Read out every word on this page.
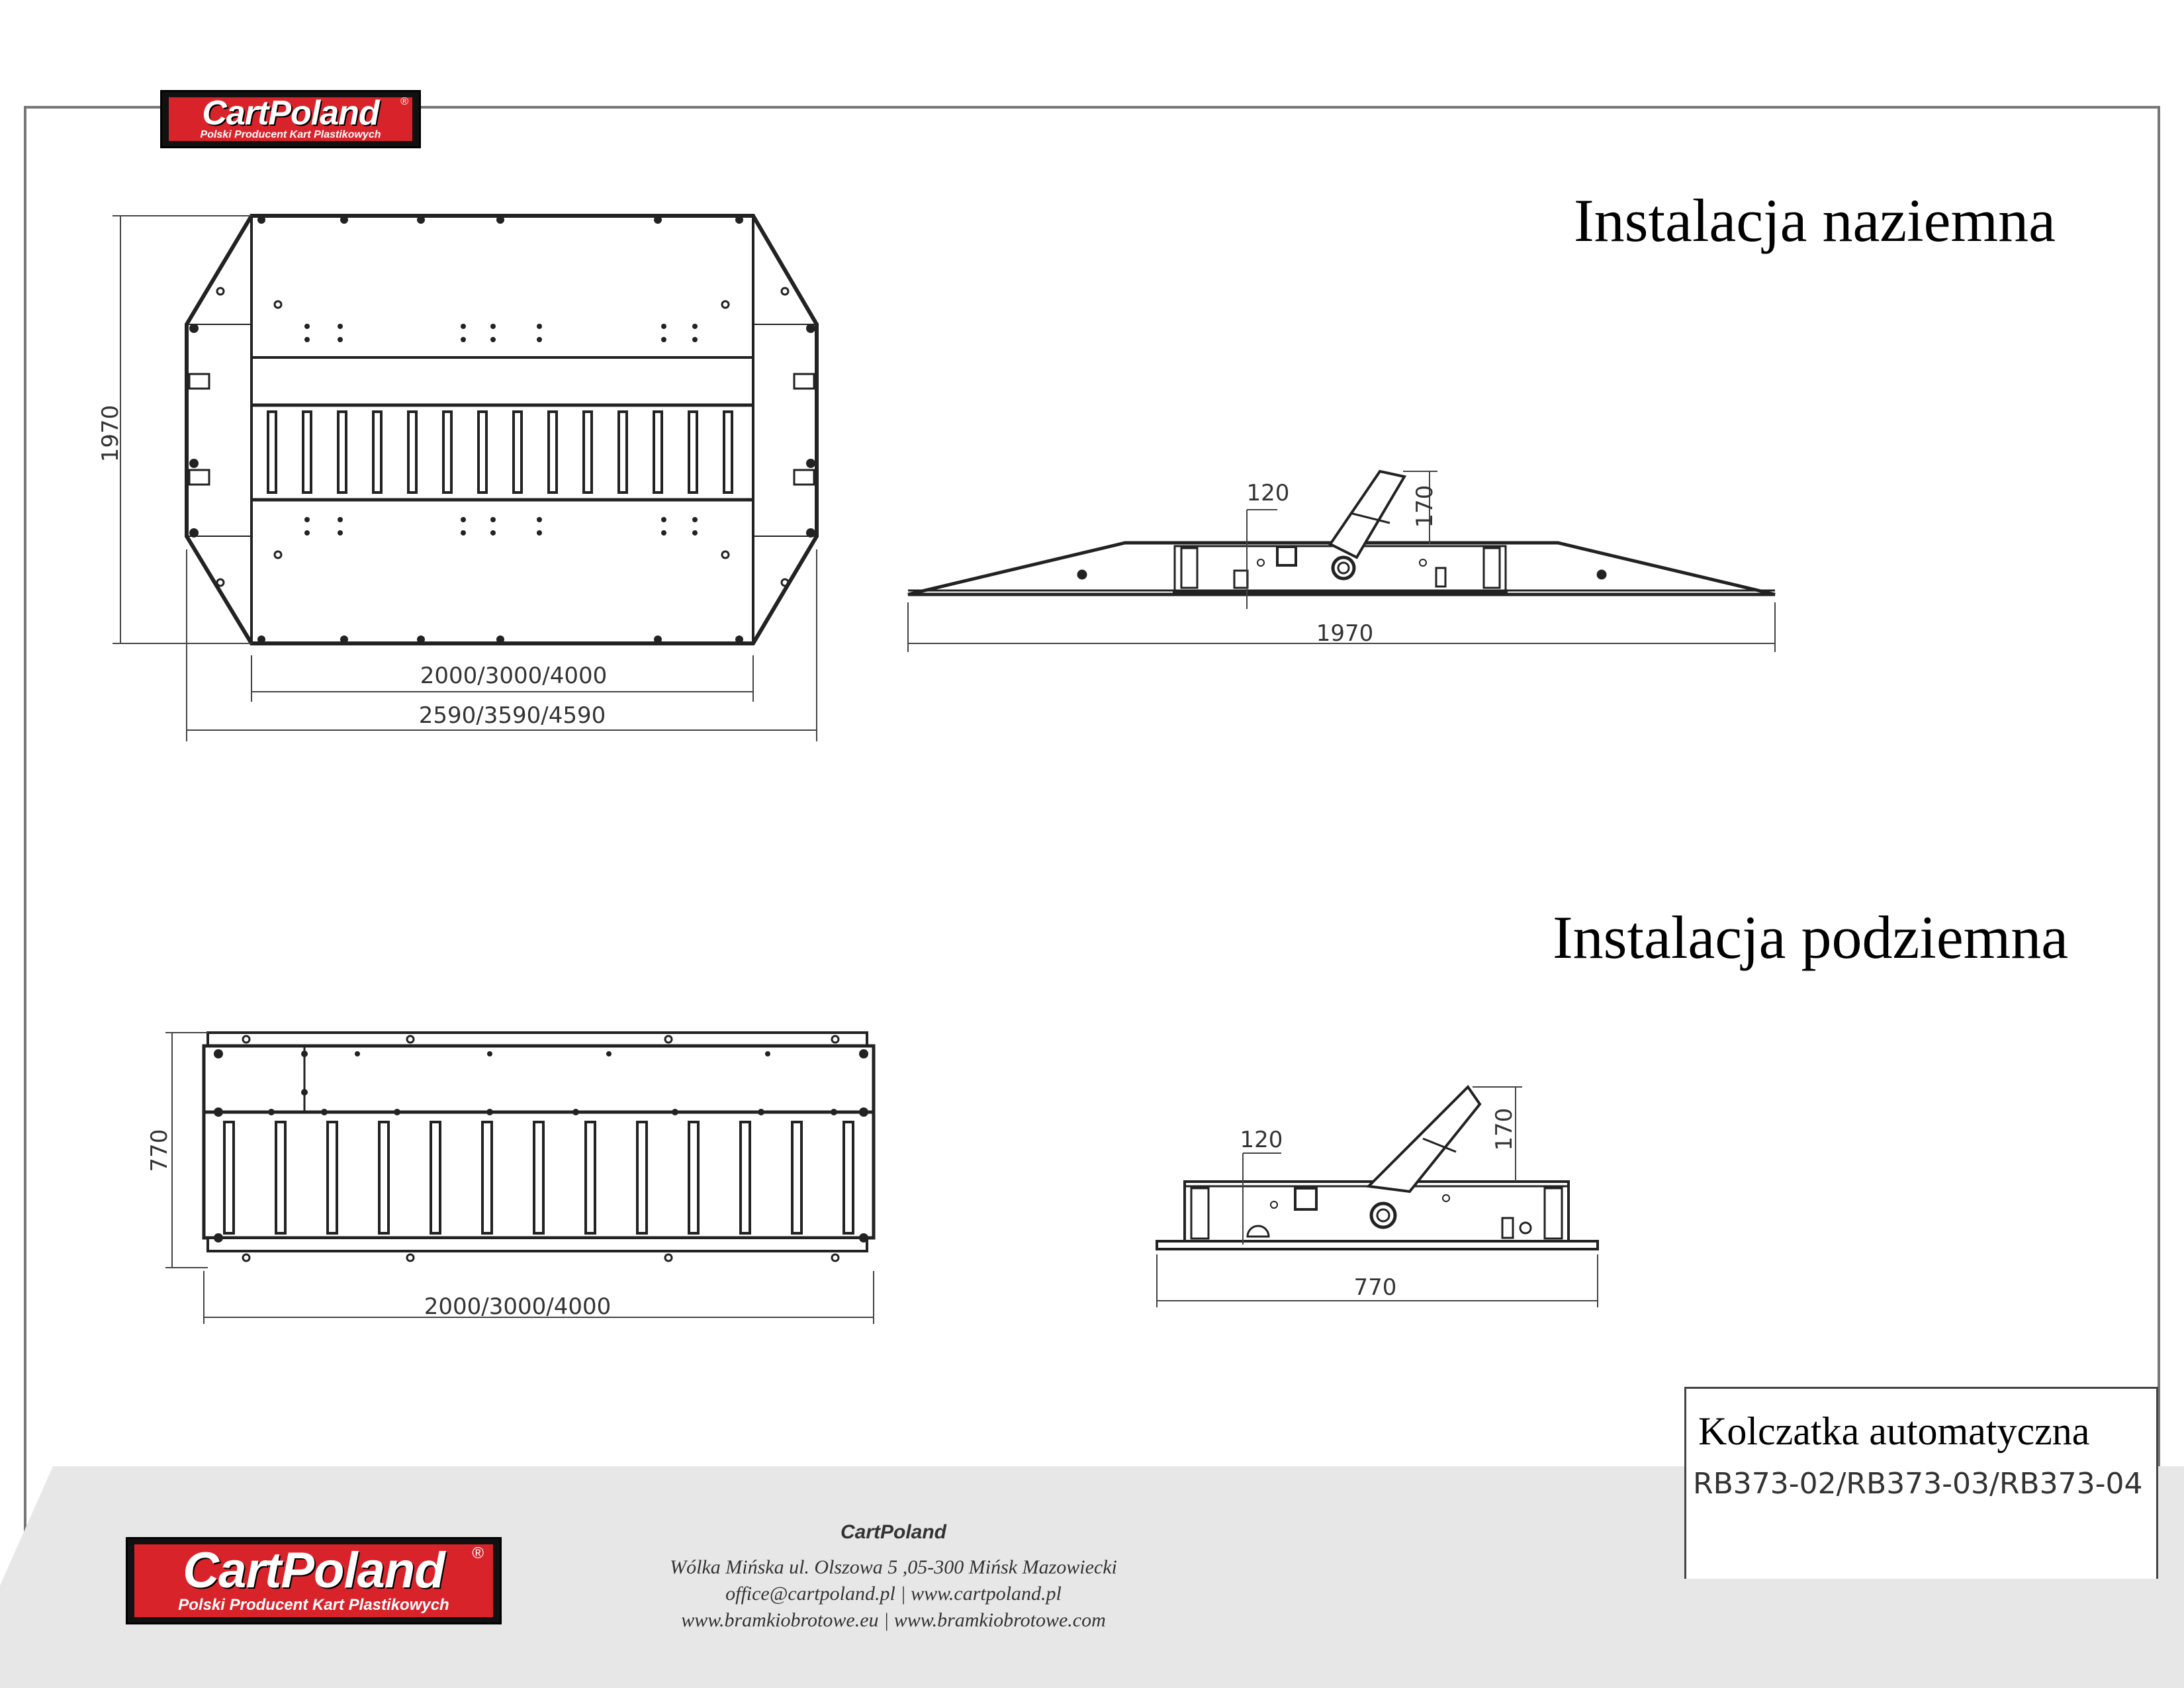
CartPoland
Polski Producent Kart Plastikowych
®
Instalacja naziemna
Instalacja podziemna
1970
2000/3000/4000
2590/3590/4590
1970
120	170
770
2000/3000/4000
770
120	170
CartPoland
Polski Producent Kart Plastikowych
®
CartPoland
Wólka Mińska ul. Olszowa 5 ,05-300 Mińsk Mazowiecki
office@cartpoland.pl | www.cartpoland.pl
www.bramkiobrotowe.eu | www.bramkiobrotowe.com
Kolczatka automatyczna
RB373-02/RB373-03/RB373-04
